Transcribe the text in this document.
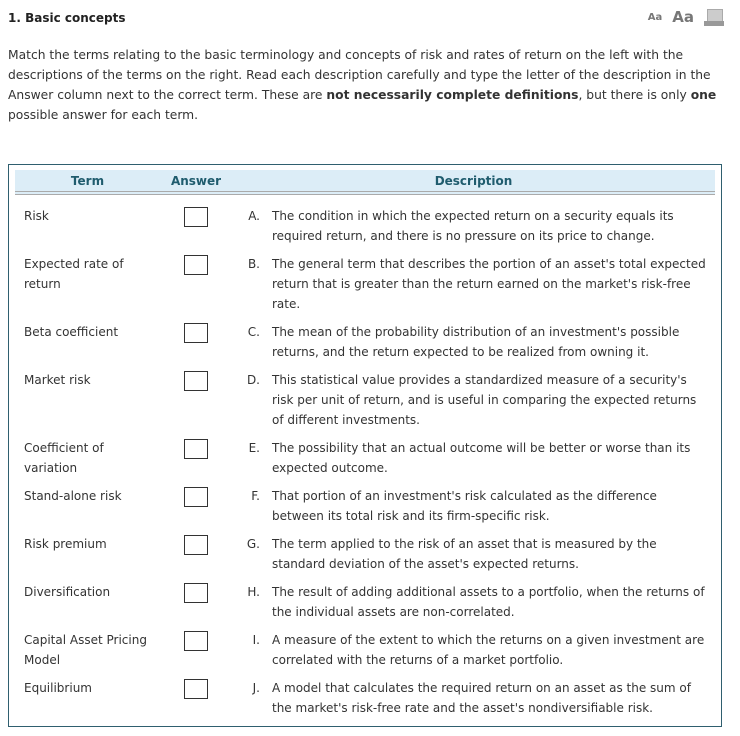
1. Basic concepts	Aa Aa
Match the terms relating to the basic terminology and concepts of risk and rates of return on the left with the descriptions of the terms on the right. Read each description carefully and type the letter of the description in the Answer column next to the correct term. These are not necessarily complete definitions, but there is only one possible answer for each term.
Term	Answer	Description	
Risk		A.	The condition in which the expected return on a security equals its required return, and there is no pressure on its price to change.
Expected rate of return		B.	The general term that describes the portion of an asset's total expected return that is greater than the return earned on the market's risk-free rate.
Beta coefficient		C.	The mean of the probability distribution of an investment's possible returns, and the return expected to be realized from owning it.
Market risk		D.	This statistical value provides a standardized measure of a security's risk per unit of return, and is useful in comparing the expected returns of different investments.
Coefficient of variation		E.	The possibility that an actual outcome will be better or worse than its expected outcome.
Stand-alone risk		F.	That portion of an investment's risk calculated as the difference between its total risk and its firm-specific risk.
Risk premium		G.	The term applied to the risk of an asset that is measured by the standard deviation of the asset's expected returns.
Diversification		H.	The result of adding additional assets to a portfolio, when the returns of the individual assets are non-correlated.
Capital Asset Pricing Model		I.	A measure of the extent to which the returns on a given investment are correlated with the returns of a market portfolio.
Equilibrium		J.	A model that calculates the required return on an asset as the sum of the market's risk-free rate and the asset's nondiversifiable risk.
